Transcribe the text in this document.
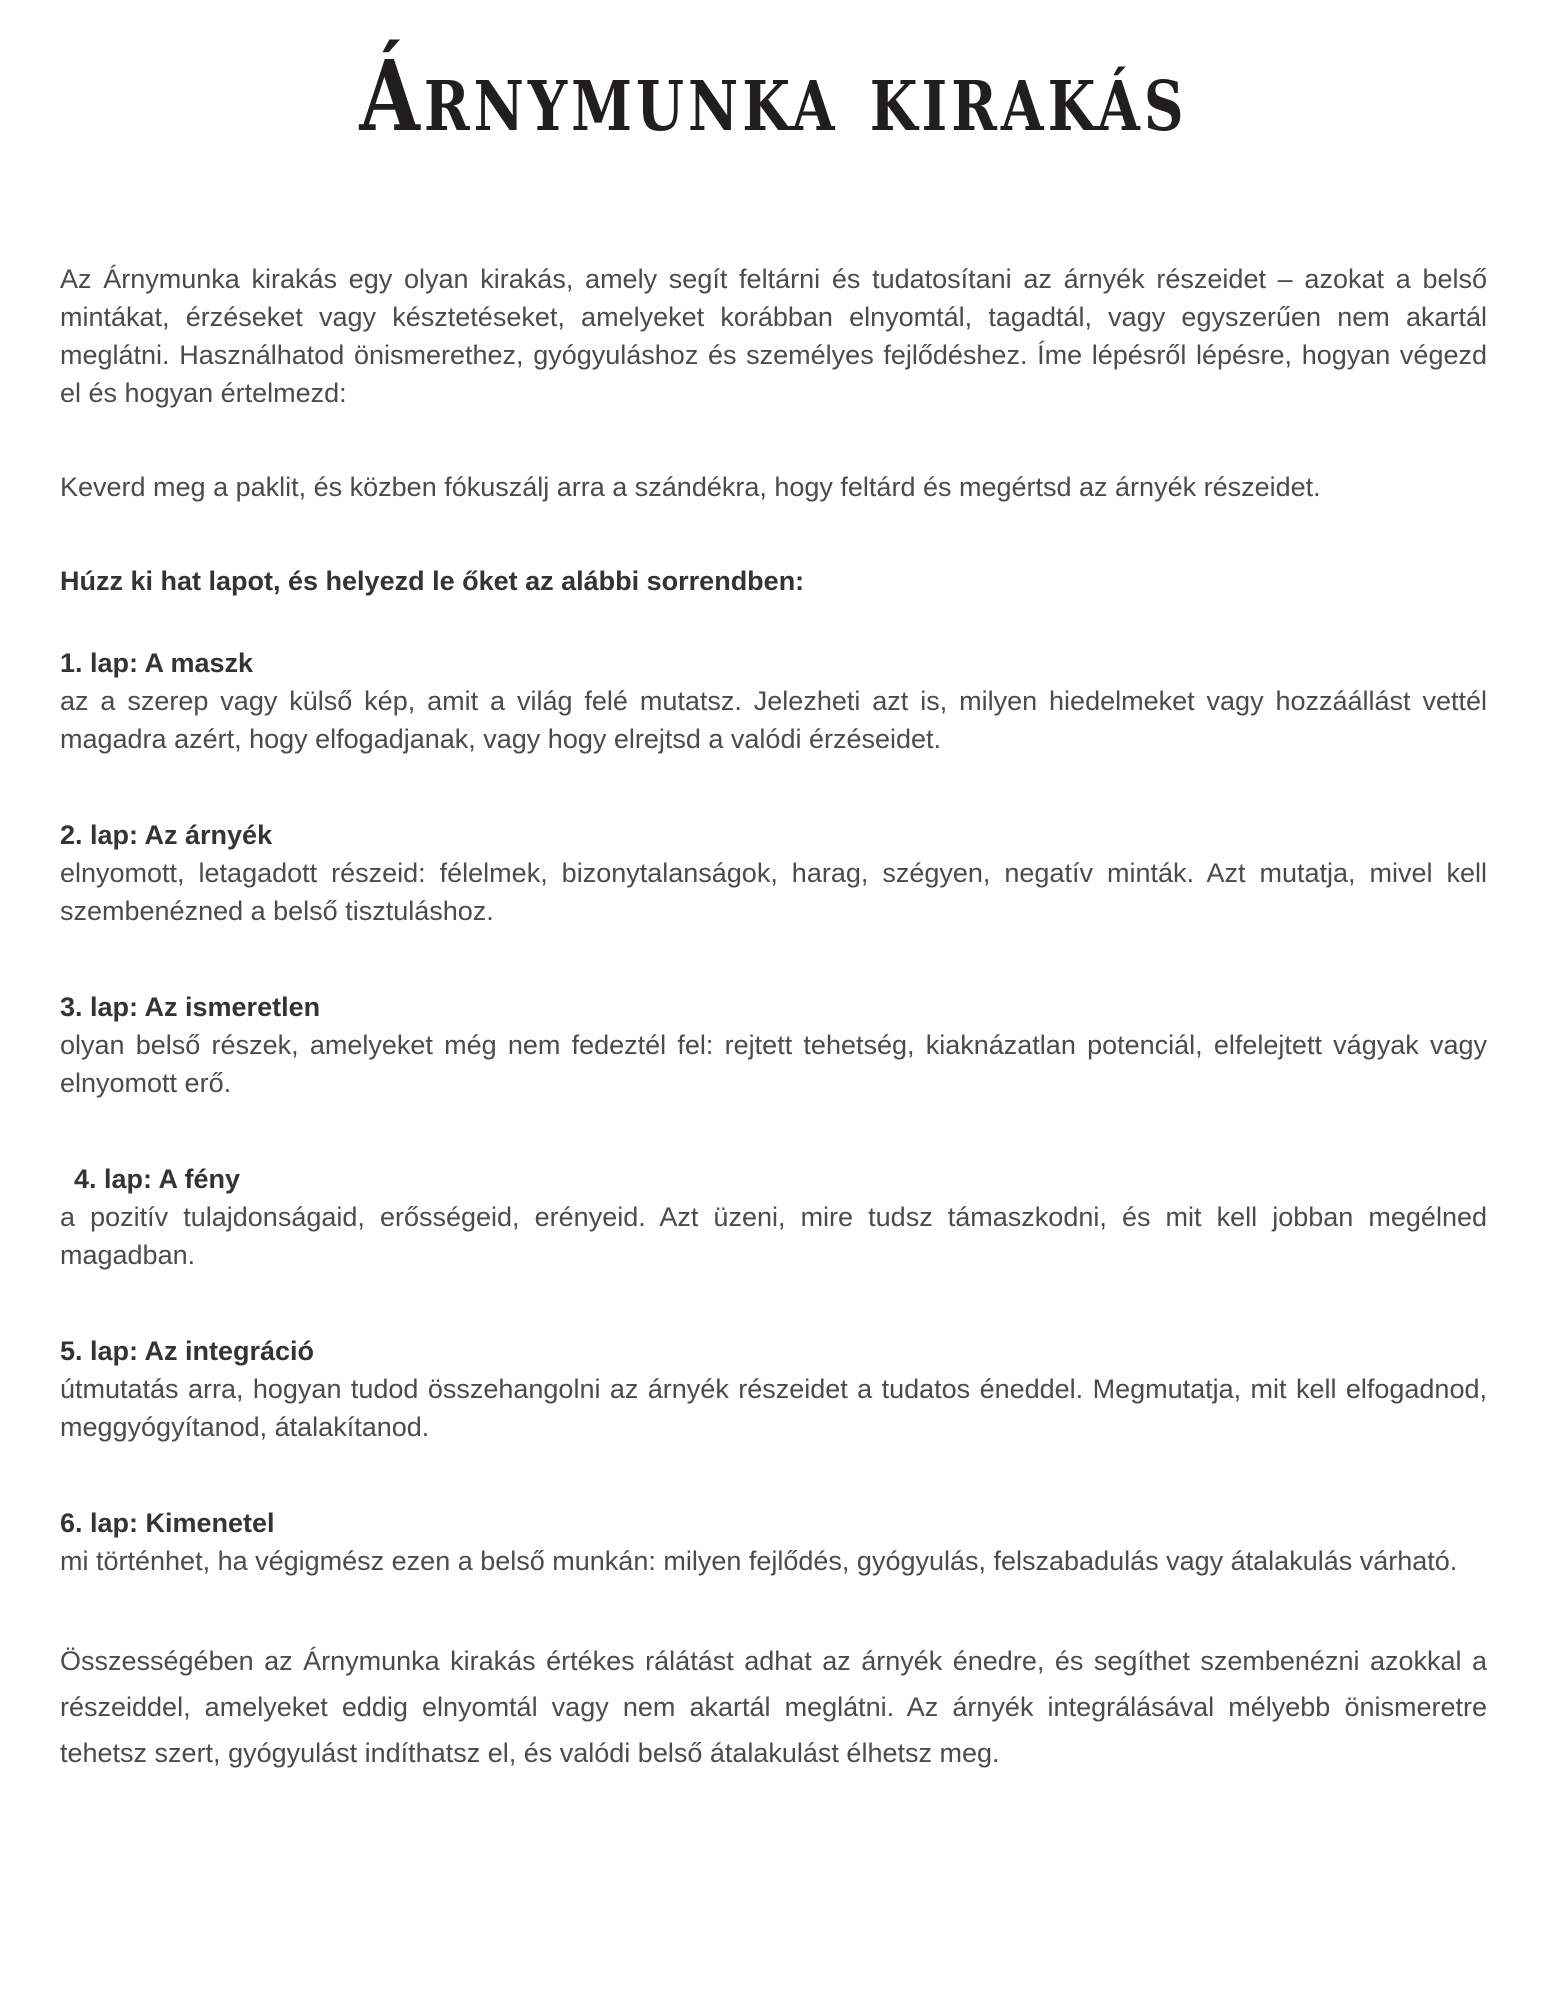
Árnymunka kirakás

Az Árnymunka kirakás egy olyan kirakás, amely segít feltárni és tudatosítani az árnyék részeidet – azokat a belső mintákat, érzéseket vagy késztetéseket, amelyeket korábban elnyomtál, tagadtál, vagy egyszerűen nem akartál meglátni. Használhatod önismerethez, gyógyuláshoz és személyes fejlődéshez. Íme lépésről lépésre, hogyan végezd el és hogyan értelmezd:

Keverd meg a paklit, és közben fókuszálj arra a szándékra, hogy feltárd és megértsd az árnyék részeidet.

Húzz ki hat lapot, és helyezd le őket az alábbi sorrendben:

1. lap: A maszk
az a szerep vagy külső kép, amit a világ felé mutatsz. Jelezheti azt is, milyen hiedelmeket vagy hozzáállást vettél magadra azért, hogy elfogadjanak, vagy hogy elrejtsd a valódi érzéseidet.
2. lap: Az árnyék
elnyomott, letagadott részeid: félelmek, bizonytalanságok, harag, szégyen, negatív minták. Azt mutatja, mivel kell szembenézned a belső tisztuláshoz.
3. lap: Az ismeretlen
olyan belső részek, amelyeket még nem fedeztél fel: rejtett tehetség, kiaknázatlan potenciál, elfelejtett vágyak vagy elnyomott erő.
4. lap: A fény
a pozitív tulajdonságaid, erősségeid, erényeid. Azt üzeni, mire tudsz támaszkodni, és mit kell jobban megélned magadban.
5. lap: Az integráció
útmutatás arra, hogyan tudod összehangolni az árnyék részeidet a tudatos éneddel. Megmutatja, mit kell elfogadnod, meggyógyítanod, átalakítanod.
6. lap: Kimenetel
mi történhet, ha végigmész ezen a belső munkán: milyen fejlődés, gyógyulás, felszabadulás vagy átalakulás várható.

Összességében az Árnymunka kirakás értékes rálátást adhat az árnyék énedre, és segíthet szembenézni azokkal a részeiddel, amelyeket eddig elnyomtál vagy nem akartál meglátni. Az árnyék integrálásával mélyebb önismeretre tehetsz szert, gyógyulást indíthatsz el, és valódi belső átalakulást élhetsz meg.
